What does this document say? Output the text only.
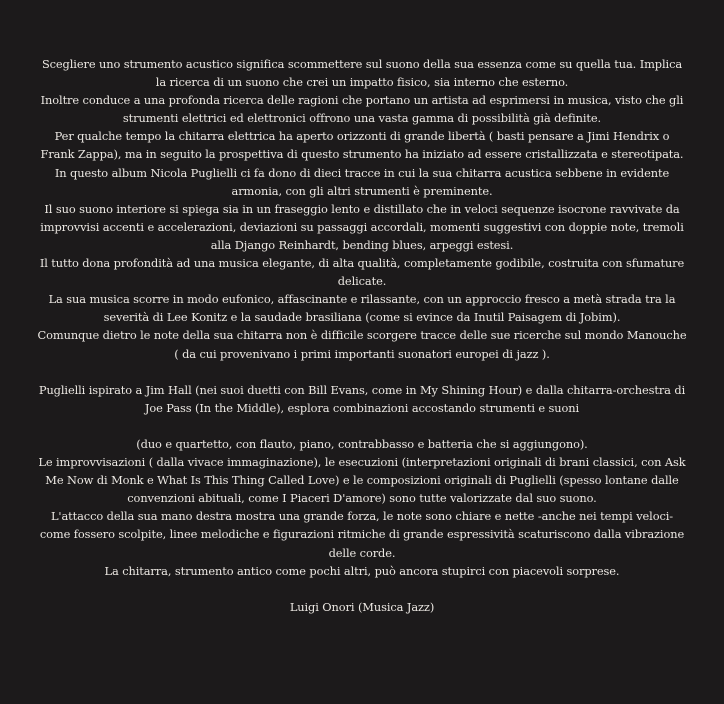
Scegliere uno strumento acustico significa scommettere sul suono della sua essenza come su quella tua. Implica la ricerca di un suono che crei un impatto fisico, sia interno che esterno.

Inoltre conduce a una profonda ricerca delle ragioni che portano un artista ad esprimersi in musica, visto che gli strumenti elettrici ed elettronici offrono una vasta gamma di possibilità già definite.

Per qualche tempo la chitarra elettrica ha aperto orizzonti di grande libertà ( basti pensare a Jimi Hendrix o Frank Zappa), ma in seguito la prospettiva di questo strumento ha iniziato ad essere cristallizzata e stereotipata.

In questo album Nicola Puglielli ci fa dono di dieci tracce in cui la sua chitarra acustica sebbene in evidente armonia, con gli altri strumenti è preminente.

Il suo suono interiore si spiega sia in un fraseggio lento e distillato che in veloci sequenze isocrone ravvivate da improvvisi accenti e accelerazioni, deviazioni su passaggi accordali, momenti suggestivi con doppie note, tremoli alla Django Reinhardt, bending blues, arpeggi estesi.

Il tutto dona profondità ad una musica elegante, di alta qualità, completamente godibile, costruita con sfumature delicate.

La sua musica scorre in modo eufonico, affascinante e rilassante, con un approccio fresco a metà strada tra la severità di Lee Konitz e la saudade brasiliana (come si evince da Inutil Paisagem di Jobim).

Comunque dietro le note della sua chitarra non è difficile scorgere tracce delle sue ricerche sul mondo Manouche ( da cui provenivano i primi importanti suonatori europei di jazz ).

Puglielli ispirato a Jim Hall (nei suoi duetti con Bill Evans, come in My Shining Hour) e dalla chitarra-orchestra di Joe Pass (In the Middle), esplora combinazioni accostando strumenti e suoni

(duo e quartetto, con flauto, piano, contrabbasso e batteria che si aggiungono).

Le improvvisazioni ( dalla vivace immaginazione), le esecuzioni (interpretazioni originali di brani classici, con Ask Me Now di Monk e What Is This Thing Called Love) e le composizioni originali di Puglielli (spesso lontane dalle convenzioni abituali, come I Piaceri D'amore) sono tutte valorizzate dal suo suono.

L'attacco della sua mano destra mostra una grande forza, le note sono chiare e nette -anche nei tempi veloci- come fossero scolpite, linee melodiche e figurazioni ritmiche di grande espressività scaturiscono dalla vibrazione delle corde.

La chitarra, strumento antico come pochi altri, può ancora stupirci con piacevoli sorprese.

Luigi Onori (Musica Jazz)
